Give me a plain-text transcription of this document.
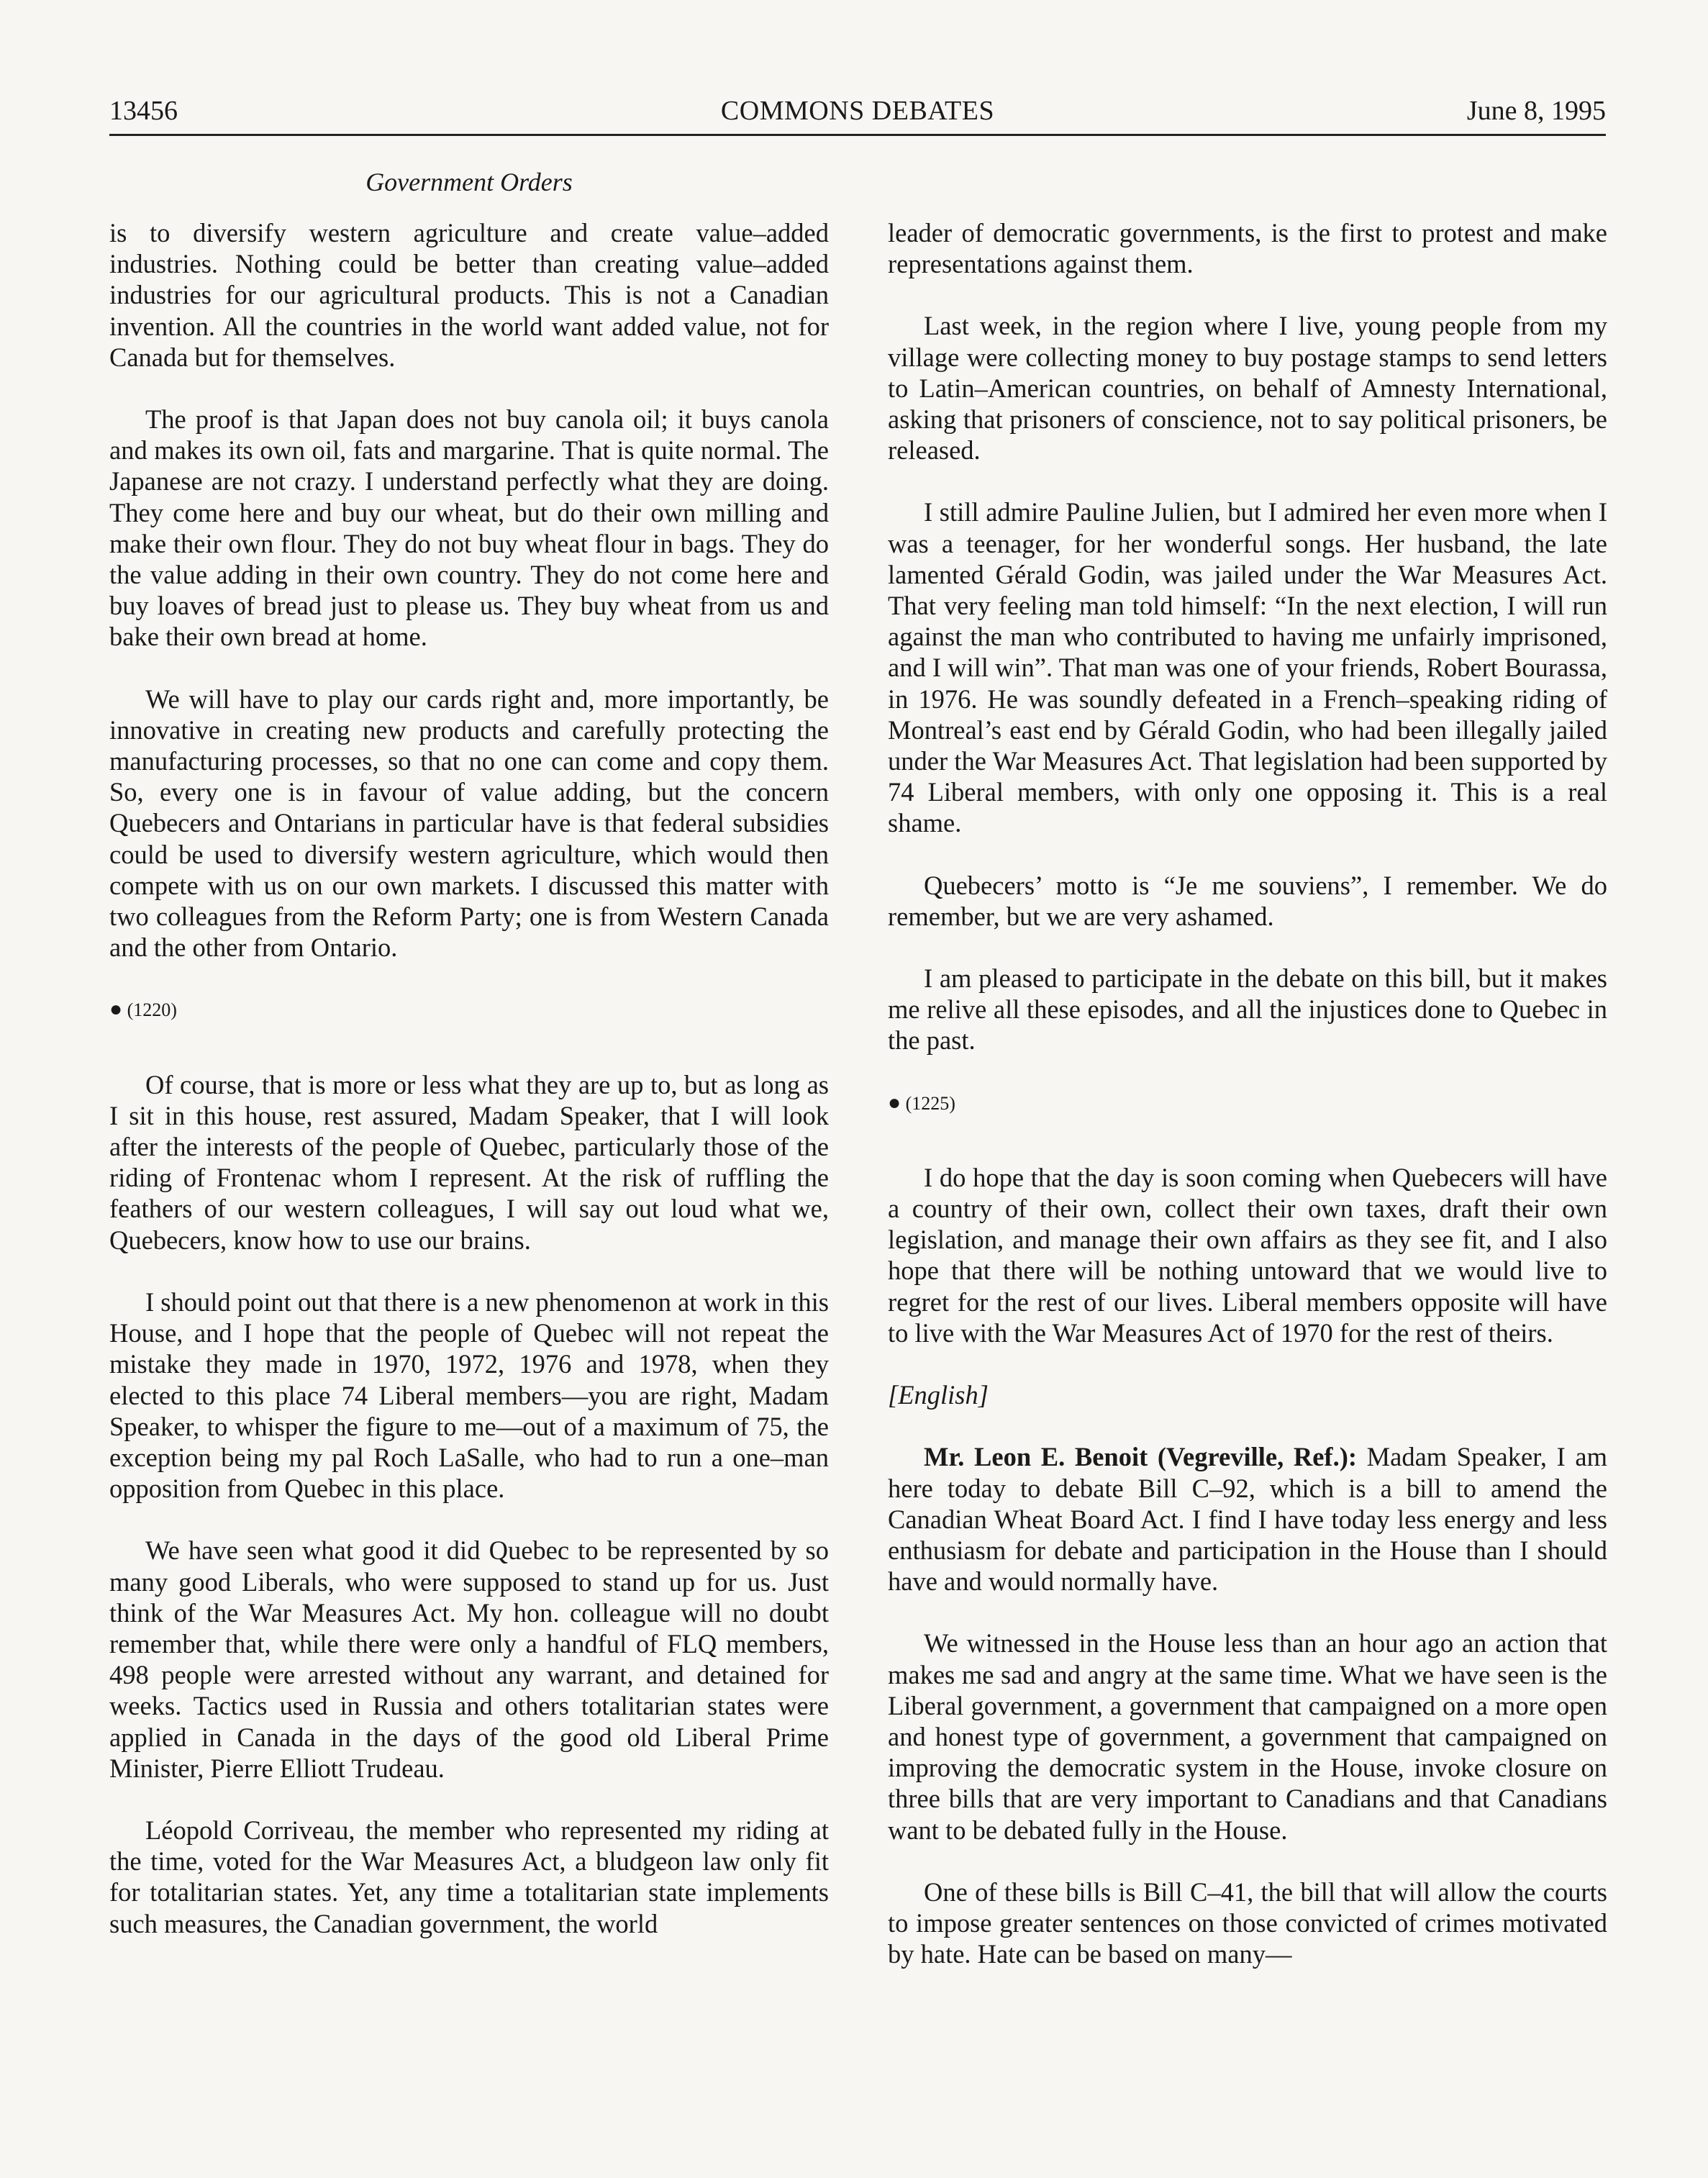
13456	COMMONS DEBATES	June 8, 1995
Government Orders

is to diversify western agriculture and create value–added industries. Nothing could be better than creating value–added industries for our agricultural products. This is not a Canadian invention. All the countries in the world want added value, not for Canada but for themselves.

The proof is that Japan does not buy canola oil; it buys canola and makes its own oil, fats and margarine. That is quite normal. The Japanese are not crazy. I understand perfectly what they are doing. They come here and buy our wheat, but do their own milling and make their own flour. They do not buy wheat flour in bags. They do the value adding in their own country. They do not come here and buy loaves of bread just to please us. They buy wheat from us and bake their own bread at home.

We will have to play our cards right and, more importantly, be innovative in creating new products and carefully protecting the manufacturing processes, so that no one can come and copy them. So, every one is in favour of value adding, but the concern Quebecers and Ontarians in particular have is that federal subsidies could be used to diversify western agriculture, which would then compete with us on our own markets. I discussed this matter with two colleagues from the Reform Party; one is from Western Canada and the other from Ontario.

● (1220)

Of course, that is more or less what they are up to, but as long as I sit in this house, rest assured, Madam Speaker, that I will look after the interests of the people of Quebec, particularly those of the riding of Frontenac whom I represent. At the risk of ruffling the feathers of our western colleagues, I will say out loud what we, Quebecers, know how to use our brains.

I should point out that there is a new phenomenon at work in this House, and I hope that the people of Quebec will not repeat the mistake they made in 1970, 1972, 1976 and 1978, when they elected to this place 74 Liberal members—you are right, Madam Speaker, to whisper the figure to me—out of a maximum of 75, the exception being my pal Roch LaSalle, who had to run a one–man opposition from Quebec in this place.

We have seen what good it did Quebec to be represented by so many good Liberals, who were supposed to stand up for us. Just think of the War Measures Act. My hon. colleague will no doubt remember that, while there were only a handful of FLQ members, 498 people were arrested without any warrant, and detained for weeks. Tactics used in Russia and others totalitarian states were applied in Canada in the days of the good old Liberal Prime Minister, Pierre Elliott Trudeau.

Léopold Corriveau, the member who represented my riding at the time, voted for the War Measures Act, a bludgeon law only fit for totalitarian states. Yet, any time a totalitarian state implements such measures, the Canadian government, the world

leader of democratic governments, is the first to protest and make representations against them.

Last week, in the region where I live, young people from my village were collecting money to buy postage stamps to send letters to Latin–American countries, on behalf of Amnesty International, asking that prisoners of conscience, not to say political prisoners, be released.

I still admire Pauline Julien, but I admired her even more when I was a teenager, for her wonderful songs. Her husband, the late lamented Gérald Godin, was jailed under the War Measures Act. That very feeling man told himself: “In the next election, I will run against the man who contributed to having me unfairly imprisoned, and I will win”. That man was one of your friends, Robert Bourassa, in 1976. He was soundly defeated in a French–speaking riding of Montreal’s east end by Gérald Godin, who had been illegally jailed under the War Measures Act. That legislation had been supported by 74 Liberal members, with only one opposing it. This is a real shame.

Quebecers’ motto is “Je me souviens”, I remember. We do remember, but we are very ashamed.

I am pleased to participate in the debate on this bill, but it makes me relive all these episodes, and all the injustices done to Quebec in the past.

● (1225)

I do hope that the day is soon coming when Quebecers will have a country of their own, collect their own taxes, draft their own legislation, and manage their own affairs as they see fit, and I also hope that there will be nothing untoward that we would live to regret for the rest of our lives. Liberal members opposite will have to live with the War Measures Act of 1970 for the rest of theirs.

[English]

Mr. Leon E. Benoit (Vegreville, Ref.): Madam Speaker, I am here today to debate Bill C–92, which is a bill to amend the Canadian Wheat Board Act. I find I have today less energy and less enthusiasm for debate and participation in the House than I should have and would normally have.

We witnessed in the House less than an hour ago an action that makes me sad and angry at the same time. What we have seen is the Liberal government, a government that campaigned on a more open and honest type of government, a government that campaigned on improving the democratic system in the House, invoke closure on three bills that are very important to Canadians and that Canadians want to be debated fully in the House.

One of these bills is Bill C–41, the bill that will allow the courts to impose greater sentences on those convicted of crimes motivated by hate. Hate can be based on many—
